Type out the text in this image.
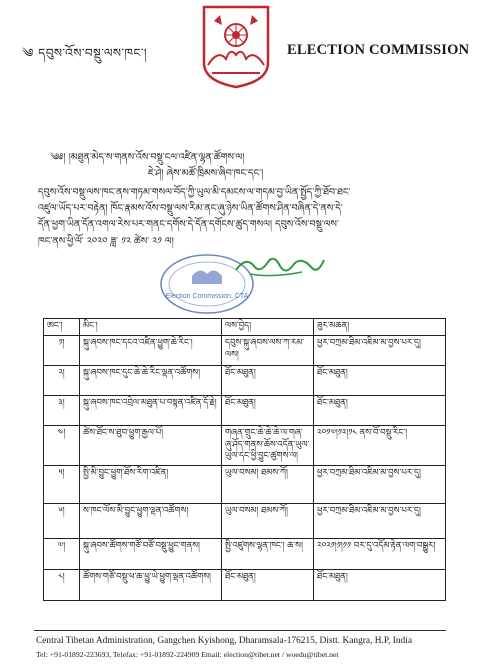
༄ དབུས་འོས་བསྡུ་ལས་ཁང་།	ELECTION COMMISSION
༄༅། །མཐུན་མེད་ས་གནས་འོས་བསྡུ་ངལ་འཛིན་ལྷན་ཚོགས་ལ།
ཇེ་ཤེ། ཞེས་མཚོ་ཁྲིམས་ཞིབ་ཁང་དང་།
དབུས་འོས་བསྡུ་ལས་ཁང་ནས་གཏམ་གསལ་བོད་ཀྱི་ཡུལ་མི་དམངས་ལ་གདམ་བྱ་ཡིན་སྤྱོད་ཀྱི་ཐོབ་ཐང་
འཛུལ་ཡོད་པར་བརྟེན། ཁོང་རྣམས་འོས་བསྡུ་ལས་རིམ་ནང་ཞུ་ཉེས་ཡིན་ཚོགས་ཤིན་བཞིན་དེ་ནས་དེ་
དོན་ཕྱག་ཡིན་དོན་འགལ་རེས་པར་གནང་དགོས་དེ་དོན་དགོངས་ཚུད་གསལ། དབུས་འོས་བསྡུ་ལས་
ཁང་ནས་ཕྱི་ལོ་ ༢༠༢༠ ཟླ་ ༡༢ ཚེས་ ༢༡ ལ།
Election Commission, CTA
ཨང་།	མིང་།	ལས་བྱེད།	ཟུར་མཆན།
༡།	སྐུ་ཞབས་ཁང་དངའ་འཛིན་ཕྱུག་ཆེ་རིང་།	དབུས་སྐུ་ཞབས་ལས་ཀ་རམ་ལས།	ཕྱར་བཀྲམ་ཐིམ་འཇིམ་མ་བྱས་པར་དུ།
༢།	སྐུ་ཞབས་ཁང་དུང་ཆེ་ཆེ་རིང་ལྡན་འཚོགས།	ཐོང་མཐུན།	ཐོང་མཐུན།
༣།	སྐུ་ཞབས་ཁང་འབྲེལ་མཐུན་པ་བསྟན་འཛིན་དོ་རྗེ།	ཐོང་མཐུན།	ཐོང་མཐུན།
༤།	ཚེས་ཐོང་ས་ཐུབ་ཕྱུག་རྒྱལ་པོ།	གཞན་གྲུང་ཆེ་ཆེ་ཆེ་ལ་གཞ་ཞུ་ཤོད་གནས་ཆོས་འདོན་ཡུལ་ཡུལ་དང་ཕྱི་བྱུང་ཚུགས་ལ།	༢༠༡༧།༡༢།༡༨ ནས་བོ་བསྡུ་རིང་།
༥།	སྤྱི་མི་བྱུང་ཕྱུག་ཐོས་རིག་འཛིན།	ཡུལ་བསམ། ཐམས་ཀོ།	ཕྱར་བཀྲམ་ཐིམ་འཇིམ་མ་བྱས་པར་དུ།
༦།	ས་ཁང་ལོས་མི་བྱུང་ཕྱུག་ལྡན་འཚོགས།	ཡུལ་བསམ། ཐམས་ཀོ།	ཕྱར་བཀྲམ་ཐིམ་འཇིམ་མ་བྱས་པར་དུ།
༧།	སྐུ་ཞབས་ཚོགས་གཙོ་བཙོ་བསྡུ་ཕྱུང་གནས།	སྤྱི་འཛུགས་ལྷན་ཁང་། ཆ་ས།	༢༠༢༡།༡།༡༡ བར་དུ་འདོམ་རྟེན་ལག་བསྒྱུར།
༨།	ཚོགས་གཙོ་བསྡུ་ཕ་ཆ་ཕྱུ་ཡེ་ཕྱུག་ལྡན་འཚོགས།	ཐོང་མཐུན།	ཐོང་མཐུན།
Central Tibetan Administration, Gangchen Kyishong, Dharamsala-176215, Distt. Kangra, H.P, India
Tel: +91-01892-223693, Telefax: +91-01892-224909 Email: election@tibet.net / woedu@tibet.net
